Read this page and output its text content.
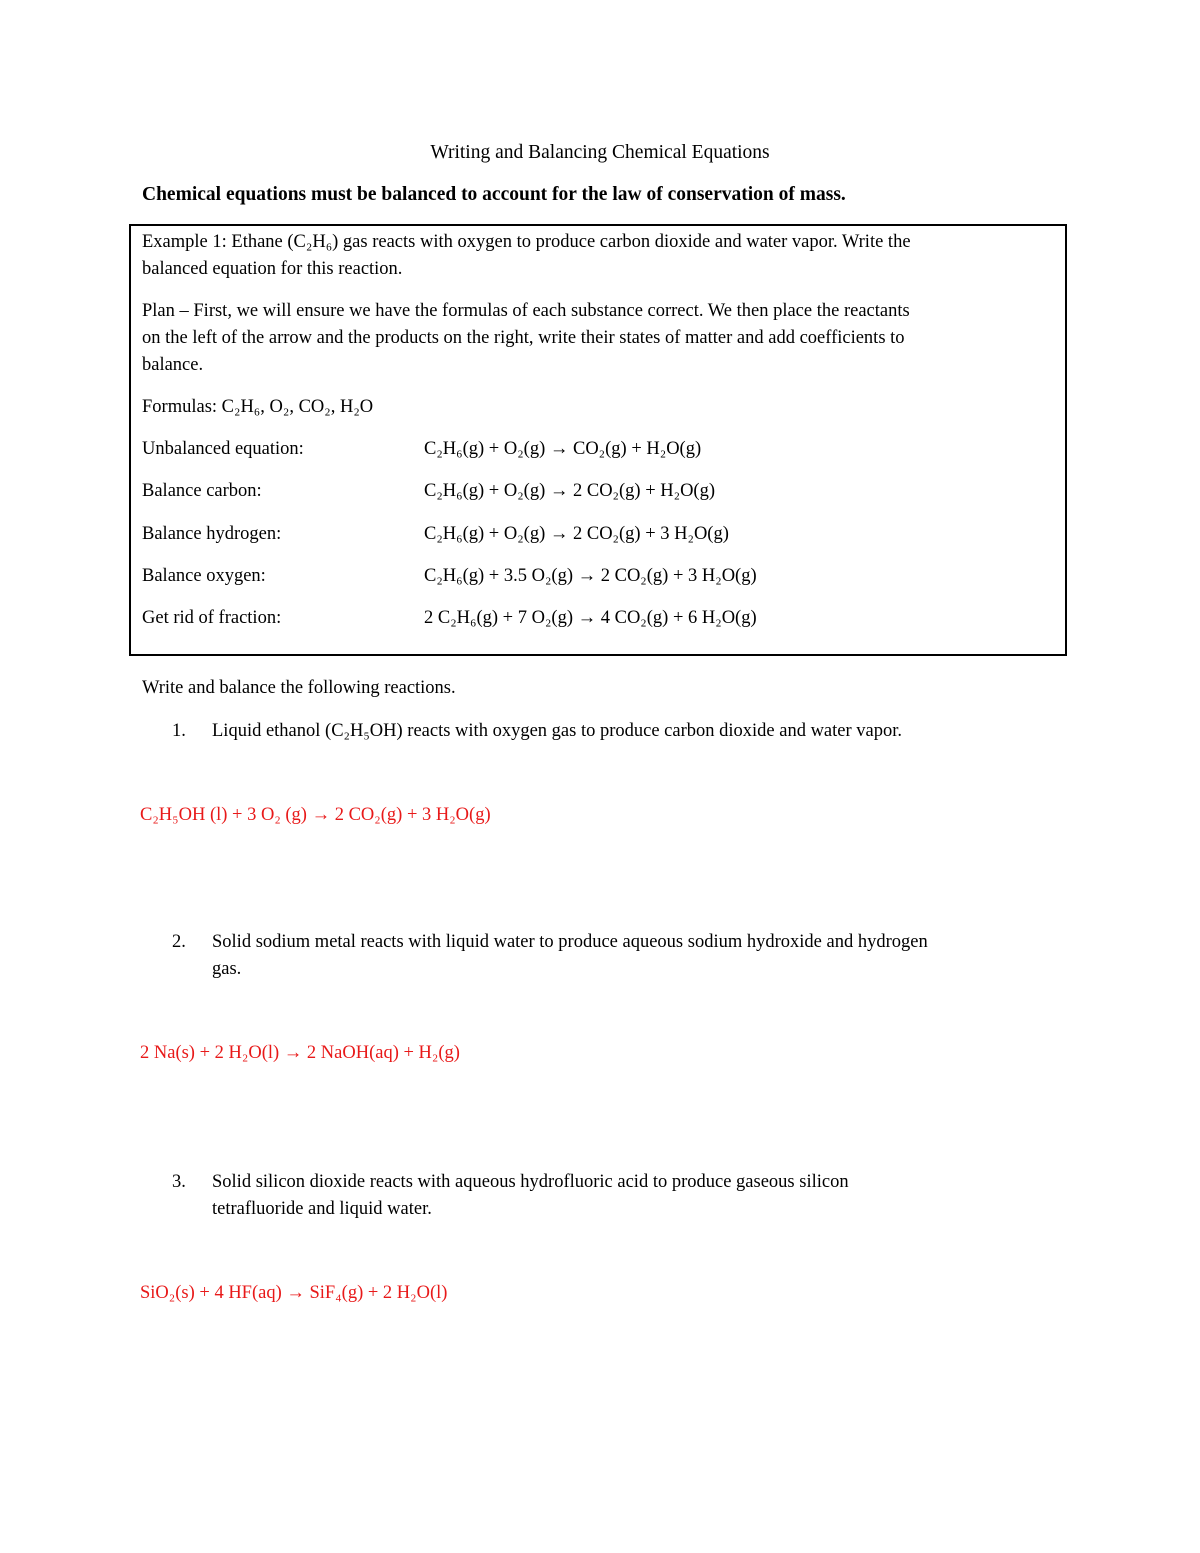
Writing and Balancing Chemical Equations
Chemical equations must be balanced to account for the law of conservation of mass.
Example 1: Ethane (C₂H₆) gas reacts with oxygen to produce carbon dioxide and water vapor. Write the
balanced equation for this reaction.
Plan – First, we will ensure we have the formulas of each substance correct. We then place the reactants
on the left of the arrow and the products on the right, write their states of matter and add coefficients to
balance.
Formulas: C₂H₆, O₂, CO₂, H₂O
Unbalanced equation:	C₂H₆(g) + O₂(g) → CO₂(g) + H₂O(g)
Balance carbon:	C₂H₆(g) + O₂(g) → 2 CO₂(g) + H₂O(g)
Balance hydrogen:	C₂H₆(g) + O₂(g) → 2 CO₂(g) + 3 H₂O(g)
Balance oxygen:	C₂H₆(g) + 3.5 O₂(g) → 2 CO₂(g) + 3 H₂O(g)
Get rid of fraction:	2 C₂H₆(g) + 7 O₂(g) → 4 CO₂(g) + 6 H₂O(g)
Write and balance the following reactions.
1. Liquid ethanol (C₂H₅OH) reacts with oxygen gas to produce carbon dioxide and water vapor.
C₂H₅OH (l) + 3 O₂ (g) → 2 CO₂(g) + 3 H₂O(g)
2. Solid sodium metal reacts with liquid water to produce aqueous sodium hydroxide and hydrogen
gas.
2 Na(s) + 2 H₂O(l) → 2 NaOH(aq) + H₂(g)
3. Solid silicon dioxide reacts with aqueous hydrofluoric acid to produce gaseous silicon
tetrafluoride and liquid water.
SiO₂(s) + 4 HF(aq) → SiF₄(g) + 2 H₂O(l)
